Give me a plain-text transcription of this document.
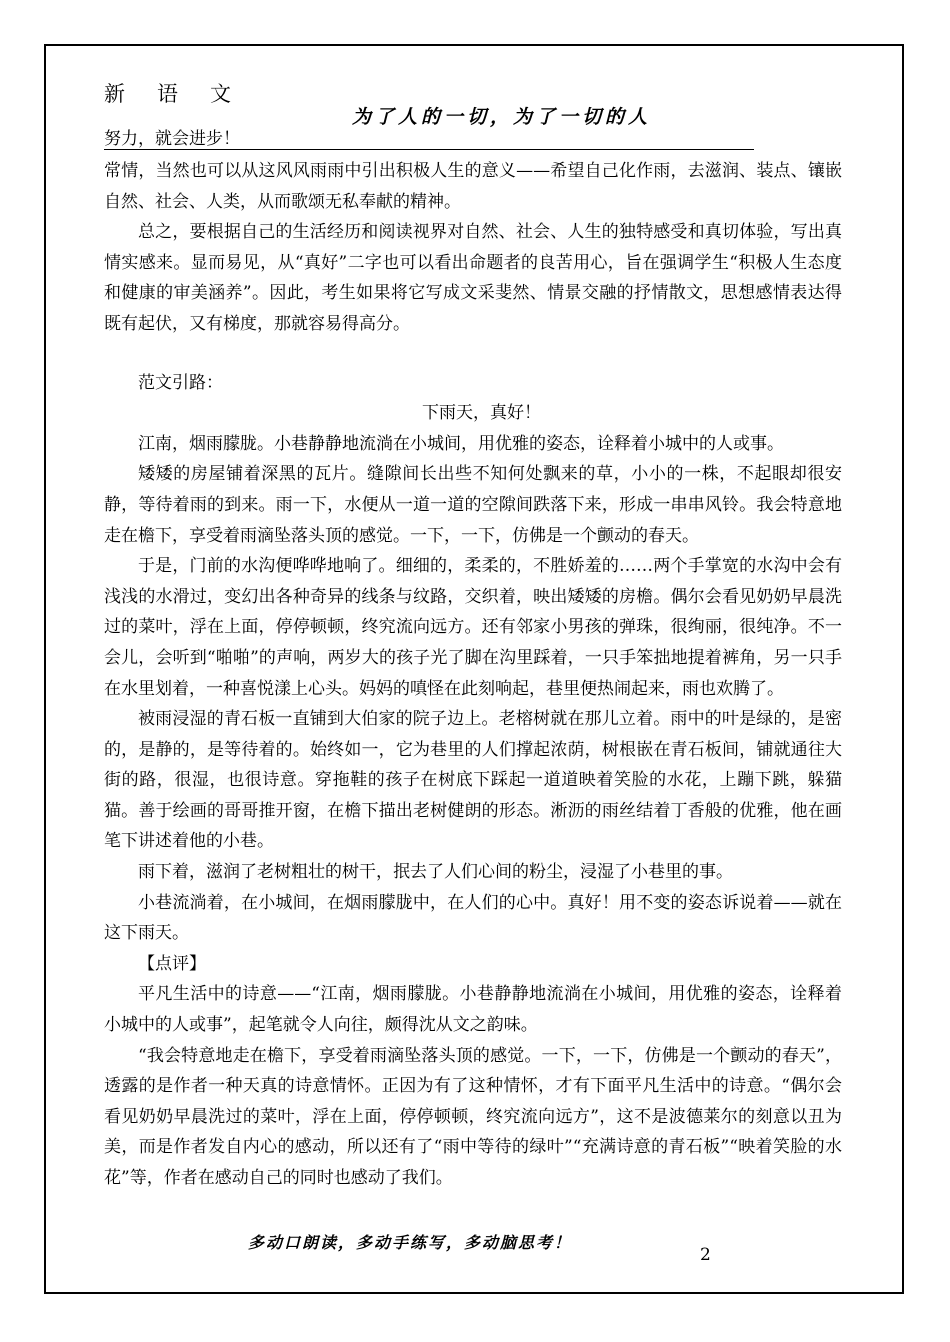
新语文
为了人的一切，为了一切的人
努力，就会进步！

常情，当然也可以从这风风雨雨中引出积极人生的意义——希望自己化作雨，去滋润、装点、镶嵌自然、社会、人类，从而歌颂无私奉献的精神。

总之，要根据自己的生活经历和阅读视界对自然、社会、人生的独特感受和真切体验，写出真情实感来。显而易见，从“真好”二字也可以看出命题者的良苦用心，旨在强调学生“积极人生态度和健康的审美涵养”。因此，考生如果将它写成文采斐然、情景交融的抒情散文，思想感情表达得既有起伏，又有梯度，那就容易得高分。

范文引路：

下雨天，真好！

江南，烟雨朦胧。小巷静静地流淌在小城间，用优雅的姿态，诠释着小城中的人或事。

矮矮的房屋铺着深黑的瓦片。缝隙间长出些不知何处飘来的草，小小的一株，不起眼却很安静，等待着雨的到来。雨一下，水便从一道一道的空隙间跌落下来，形成一串串风铃。我会特意地走在檐下，享受着雨滴坠落头顶的感觉。一下，一下，仿佛是一个颤动的春天。

于是，门前的水沟便哗哗地响了。细细的，柔柔的，不胜娇羞的……两个手掌宽的水沟中会有浅浅的水滑过，变幻出各种奇异的线条与纹路，交织着，映出矮矮的房檐。偶尔会看见奶奶早晨洗过的菜叶，浮在上面，停停顿顿，终究流向远方。还有邻家小男孩的弹珠，很绚丽，很纯净。不一会儿，会听到“啪啪”的声响，两岁大的孩子光了脚在沟里踩着，一只手笨拙地提着裤角，另一只手在水里划着，一种喜悦漾上心头。妈妈的嗔怪在此刻响起，巷里便热闹起来，雨也欢腾了。

被雨浸湿的青石板一直铺到大伯家的院子边上。老榕树就在那儿立着。雨中的叶是绿的，是密的，是静的，是等待着的。始终如一，它为巷里的人们撑起浓荫，树根嵌在青石板间，铺就通往大街的路，很湿，也很诗意。穿拖鞋的孩子在树底下踩起一道道映着笑脸的水花，上蹦下跳，躲猫猫。善于绘画的哥哥推开窗，在檐下描出老树健朗的形态。淅沥的雨丝结着丁香般的优雅，他在画笔下讲述着他的小巷。

雨下着，滋润了老树粗壮的树干，抿去了人们心间的粉尘，浸湿了小巷里的事。

小巷流淌着，在小城间，在烟雨朦胧中，在人们的心中。真好！用不变的姿态诉说着——就在这下雨天。

【点评】

平凡生活中的诗意——“江南，烟雨朦胧。小巷静静地流淌在小城间，用优雅的姿态，诠释着小城中的人或事”，起笔就令人向往，颇得沈从文之韵味。

“我会特意地走在檐下，享受着雨滴坠落头顶的感觉。一下，一下，仿佛是一个颤动的春天”，透露的是作者一种天真的诗意情怀。正因为有了这种情怀，才有下面平凡生活中的诗意。“偶尔会看见奶奶早晨洗过的菜叶，浮在上面，停停顿顿，终究流向远方”，这不是波德莱尔的刻意以丑为美，而是作者发自内心的感动，所以还有了“雨中等待的绿叶”“充满诗意的青石板”“映着笑脸的水花”等，作者在感动自己的同时也感动了我们。

多动口朗读，多动手练写，多动脑思考！
2
